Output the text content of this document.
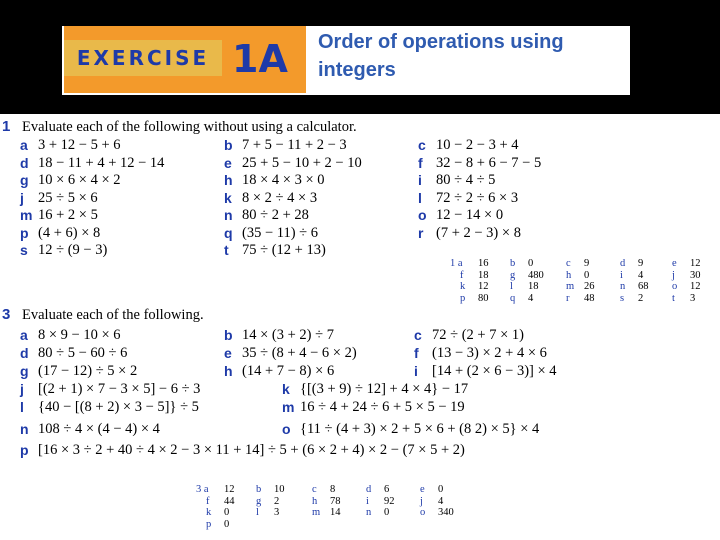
EXERCISE 1A Order of operations using
integers
1 Evaluate each of the following without using a calculator.
a 3 + 12 − 5 + 6	b 7 + 5 − 11 + 2 − 3	c 10 − 2 − 3 + 4
d 18 − 11 + 4 + 12 − 14	e 25 + 5 − 10 + 2 − 10	f 32 − 8 + 6 − 7 − 5
g 10 × 6 × 4 × 2	h 18 × 4 × 3 × 0	i 80 ÷ 4 ÷ 5
j 25 ÷ 5 × 6	k 8 × 2 ÷ 4 × 3	l 72 ÷ 2 ÷ 6 × 3
m 16 + 2 × 5	n 80 ÷ 2 + 28	o 12 − 14 × 0
p (4 + 6) × 8	q (35 − 11) ÷ 6	r (7 + 2 − 3) × 8
s 12 ÷ (9 − 3)	t 75 ÷ (12 + 13)
1 a 16 b 0	c 9	d 9	e 12
f 18 g 480 h 0	i 4	j 30
k 12 l 18	m 26 n 68 o 12
p 80 q 4	r 48 s 2	t 3
3 Evaluate each of the following.
a 8 × 9 − 10 × 6	b 14 × (3 + 2) ÷ 7	c 72 ÷ (2 + 7 × 1)
d 80 ÷ 5 − 60 ÷ 6	e 35 ÷ (8 + 4 − 6 × 2)	f (13 − 3) × 2 + 4 × 6
g (17 − 12) ÷ 5 × 2	h (14 + 7 − 8) × 6	i [14 + (2 × 6 − 3)] × 4
j [(2 + 1) × 7 − 3 × 5] − 6 ÷ 3	k {[(3 + 9) ÷ 12] + 4 × 4} − 17
l {40 − [(8 + 2) × 3 − 5]} ÷ 5	m 16 ÷ 4 + 24 ÷ 6 + 5 × 5 − 19
n 108 ÷ 4 × (4 − 4) × 4	o {11 ÷ (4 + 3) × 2 + 5 × 6 + (8 2) × 5} × 4
p [16 × 3 ÷ 2 + 40 ÷ 4 × 2 − 3 × 11 + 14] ÷ 5 + (6 × 2 + 4) × 2 − (7 × 5 + 2)
3 a 12 b 10	c 8	d 6	e 0
f 44 g 2	h 78 i 92 j 4
k 0	l 3	m 14 n 0	o 340
p 0
